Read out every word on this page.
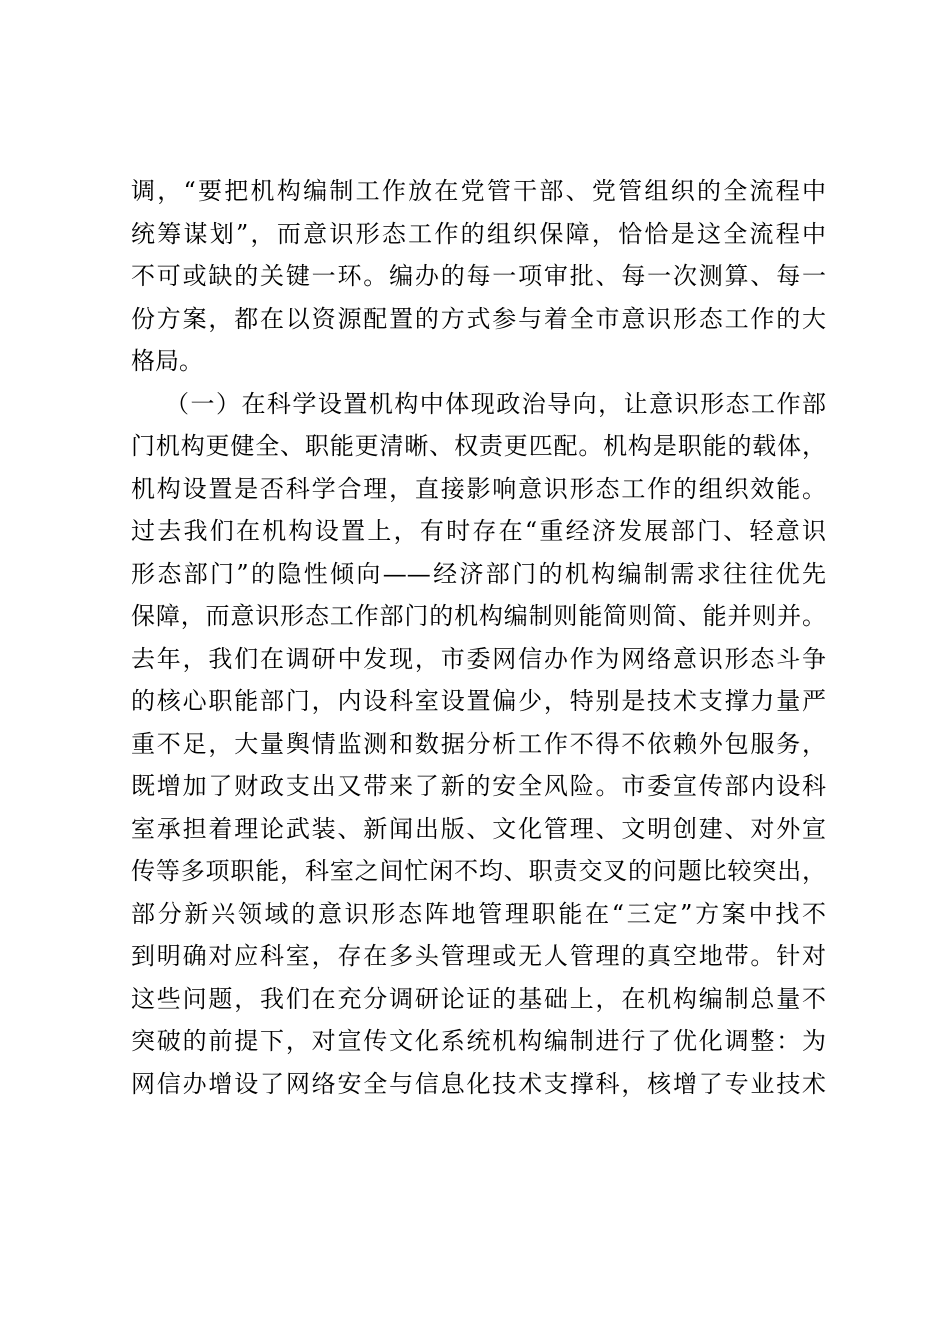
调，“要把机构编制工作放在党管干部、党管组织的全流程中
统筹谋划”，而意识形态工作的组织保障，恰恰是这全流程中
不可或缺的关键一环。编办的每一项审批、每一次测算、每一
份方案，都在以资源配置的方式参与着全市意识形态工作的大
格局。
（一）在科学设置机构中体现政治导向，让意识形态工作部
门机构更健全、职能更清晰、权责更匹配。机构是职能的载体，
机构设置是否科学合理，直接影响意识形态工作的组织效能。
过去我们在机构设置上，有时存在“重经济发展部门、轻意识
形态部门”的隐性倾向——经济部门的机构编制需求往往优先
保障，而意识形态工作部门的机构编制则能简则简、能并则并。
去年，我们在调研中发现，市委网信办作为网络意识形态斗争
的核心职能部门，内设科室设置偏少，特别是技术支撑力量严
重不足，大量舆情监测和数据分析工作不得不依赖外包服务，
既增加了财政支出又带来了新的安全风险。市委宣传部内设科
室承担着理论武装、新闻出版、文化管理、文明创建、对外宣
传等多项职能，科室之间忙闲不均、职责交叉的问题比较突出，
部分新兴领域的意识形态阵地管理职能在“三定”方案中找不
到明确对应科室，存在多头管理或无人管理的真空地带。针对
这些问题，我们在充分调研论证的基础上，在机构编制总量不
突破的前提下，对宣传文化系统机构编制进行了优化调整：为
网信办增设了网络安全与信息化技术支撑科，核增了专业技术
